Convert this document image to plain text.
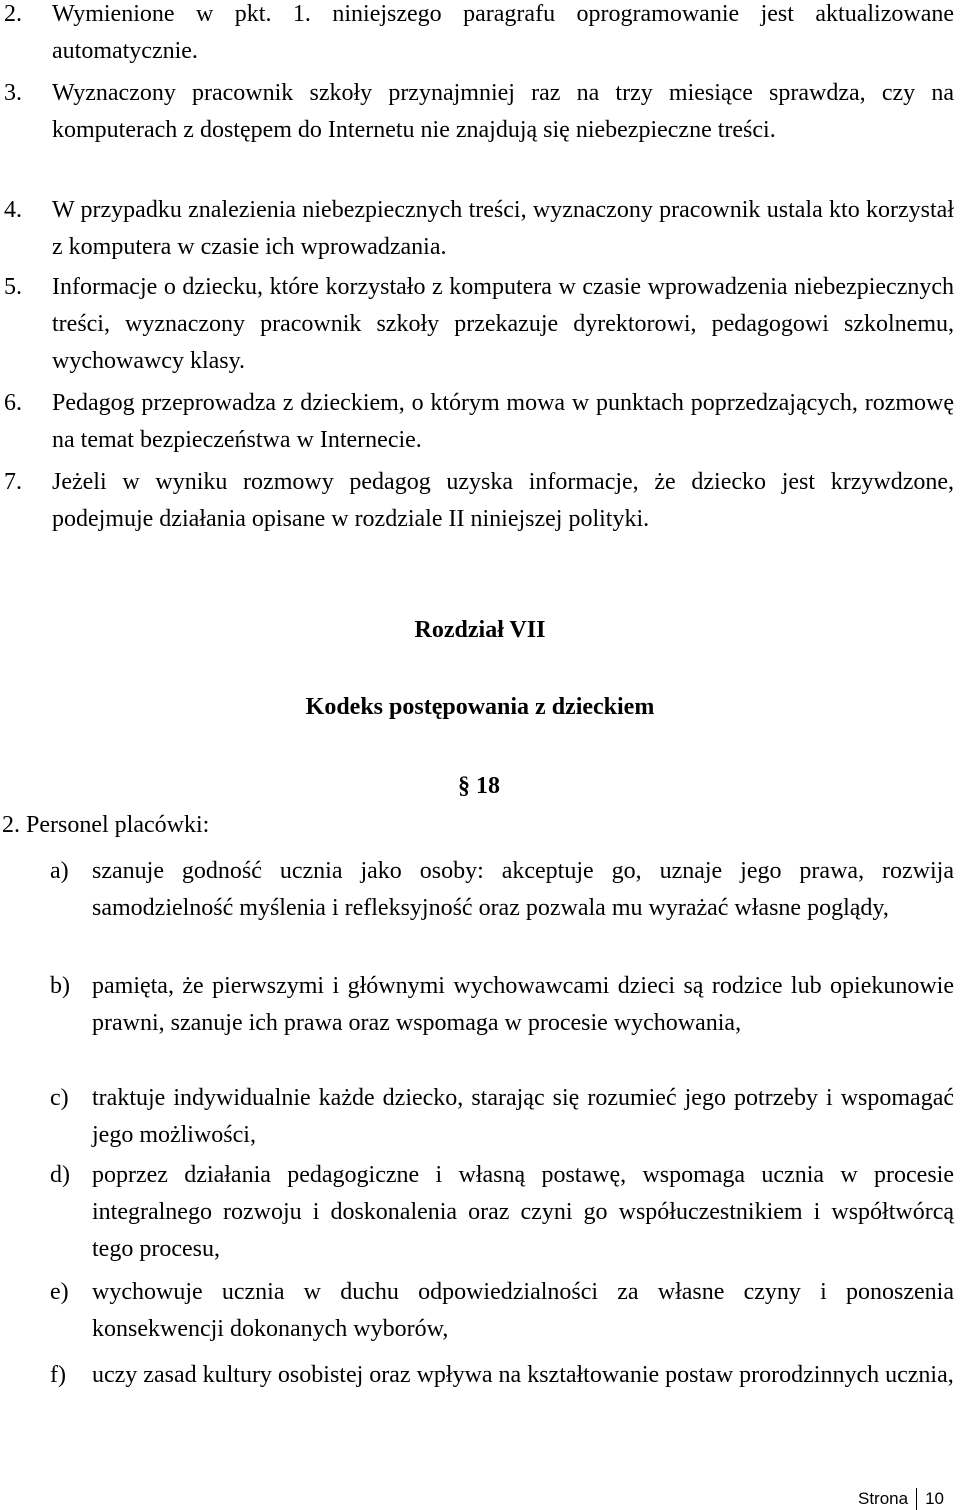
2. Wymienione w pkt. 1. niniejszego paragrafu oprogramowanie jest aktualizowane automatycznie.
3. Wyznaczony pracownik szkoły przynajmniej raz na trzy miesiące sprawdza, czy na komputerach z dostępem do Internetu nie znajdują się niebezpieczne treści.
4. W przypadku znalezienia niebezpiecznych treści, wyznaczony pracownik ustala kto korzystał z komputera w czasie ich wprowadzania.
5. Informacje o dziecku, które korzystało z komputera w czasie wprowadzenia niebezpiecznych treści, wyznaczony pracownik szkoły przekazuje dyrektorowi, pedagogowi szkolnemu, wychowawcy klasy.
6. Pedagog przeprowadza z dzieckiem, o którym mowa w punktach poprzedzających, rozmowę na temat bezpieczeństwa w Internecie.
7. Jeżeli w wyniku rozmowy pedagog uzyska informacje, że dziecko jest krzywdzone, podejmuje działania opisane w rozdziale II niniejszej polityki.
Rozdział VII
Kodeks postępowania z dzieckiem
§ 18
2. Personel placówki:
a) szanuje godność ucznia jako osoby: akceptuje go, uznaje jego prawa, rozwija samodzielność myślenia i refleksyjność oraz pozwala mu wyrażać własne poglądy,
b) pamięta, że pierwszymi i głównymi wychowawcami dzieci są rodzice lub opiekunowie prawni, szanuje ich prawa oraz wspomaga w procesie wychowania,
c) traktuje indywidualnie każde dziecko, starając się rozumieć jego potrzeby i wspomagać jego możliwości,
d) poprzez działania pedagogiczne i własną postawę, wspomaga ucznia w procesie integralnego rozwoju i doskonalenia oraz czyni go współuczestnikiem i współtwórcą tego procesu,
e) wychowuje ucznia w duchu odpowiedzialności za własne czyny i ponoszenia konsekwencji dokonanych wyborów,
f) uczy zasad kultury osobistej oraz wpływa na kształtowanie postaw prorodzinnych ucznia,
Strona 10
